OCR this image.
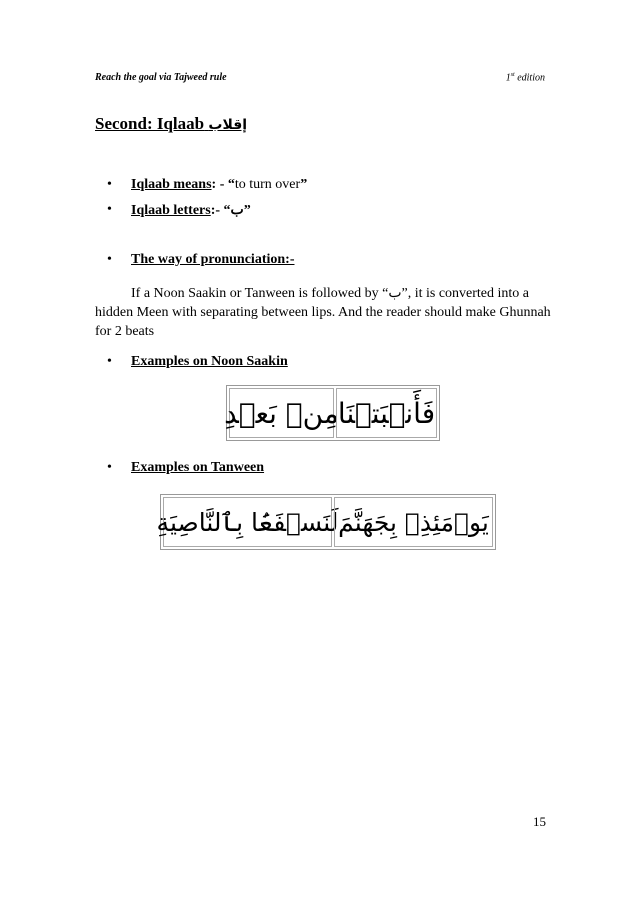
Reach the goal via Tajweed rule	1st edition
Second: Iqlaab إقلاب
• Iqlaab means: - “to turn over”
• Iqlaab letters:- “ب”
• The way of pronunciation:-
If a Noon Saakin or Tanween is followed by “ب”, it is converted into a hidden Meen with separating between lips. And the reader should make Ghunnah for 2 beats
• Examples on Noon Saakin
مِنۢ بَعۡدِ فَأَنۢبَتۡنَا
• Examples on Tanween
لَنَسۡفَعَۢا بِٱلنَّاصِيَةِ يَوۡمَئِذِۭ بِجَهَنَّمَ
15
